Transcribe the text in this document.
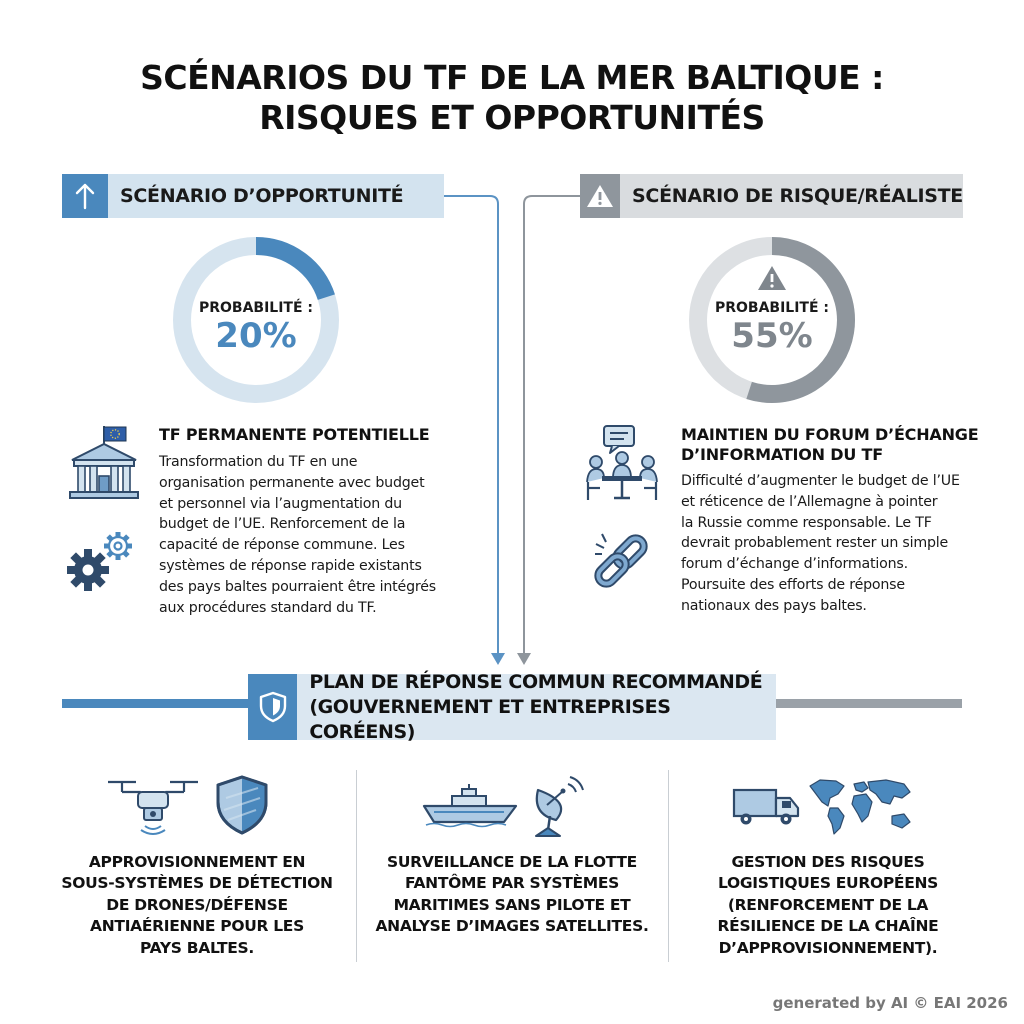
SCÉNARIOS DU TF DE LA MER BALTIQUE :
RISQUES ET OPPORTUNITÉS
SCÉNARIO D’OPPORTUNITÉ	SCÉNARIO DE RISQUE/RÉALISTE
PROBABILITÉ :
20%
PROBABILITÉ :
55%
TF PERMANENTE POTENTIELLE
Transformation du TF en une
organisation permanente avec budget
et personnel via l’augmentation du
budget de l’UE. Renforcement de la
capacité de réponse commune. Les
systèmes de réponse rapide existants
des pays baltes pourraient être intégrés
aux procédures standard du TF.
MAINTIEN DU FORUM D’ÉCHANGE
D’INFORMATION DU TF
Difficulté d’augmenter le budget de l’UE
et réticence de l’Allemagne à pointer
la Russie comme responsable. Le TF
devrait probablement rester un simple
forum d’échange d’informations.
Poursuite des efforts de réponse
nationaux des pays baltes.
PLAN DE RÉPONSE COMMUN RECOMMANDÉ
(GOUVERNEMENT ET ENTREPRISES CORÉENS)
APPROVISIONNEMENT EN
SOUS-SYSTÈMES DE DÉTECTION
DE DRONES/DÉFENSE
ANTIAÉRIENNE POUR LES
PAYS BALTES.
SURVEILLANCE DE LA FLOTTE
FANTÔME PAR SYSTÈMES
MARITIMES SANS PILOTE ET
ANALYSE D’IMAGES SATELLITES.
GESTION DES RISQUES
LOGISTIQUES EUROPÉENS
(RENFORCEMENT DE LA
RÉSILIENCE DE LA CHAÎNE
D’APPROVISIONNEMENT).
generated by AI © EAI 2026
